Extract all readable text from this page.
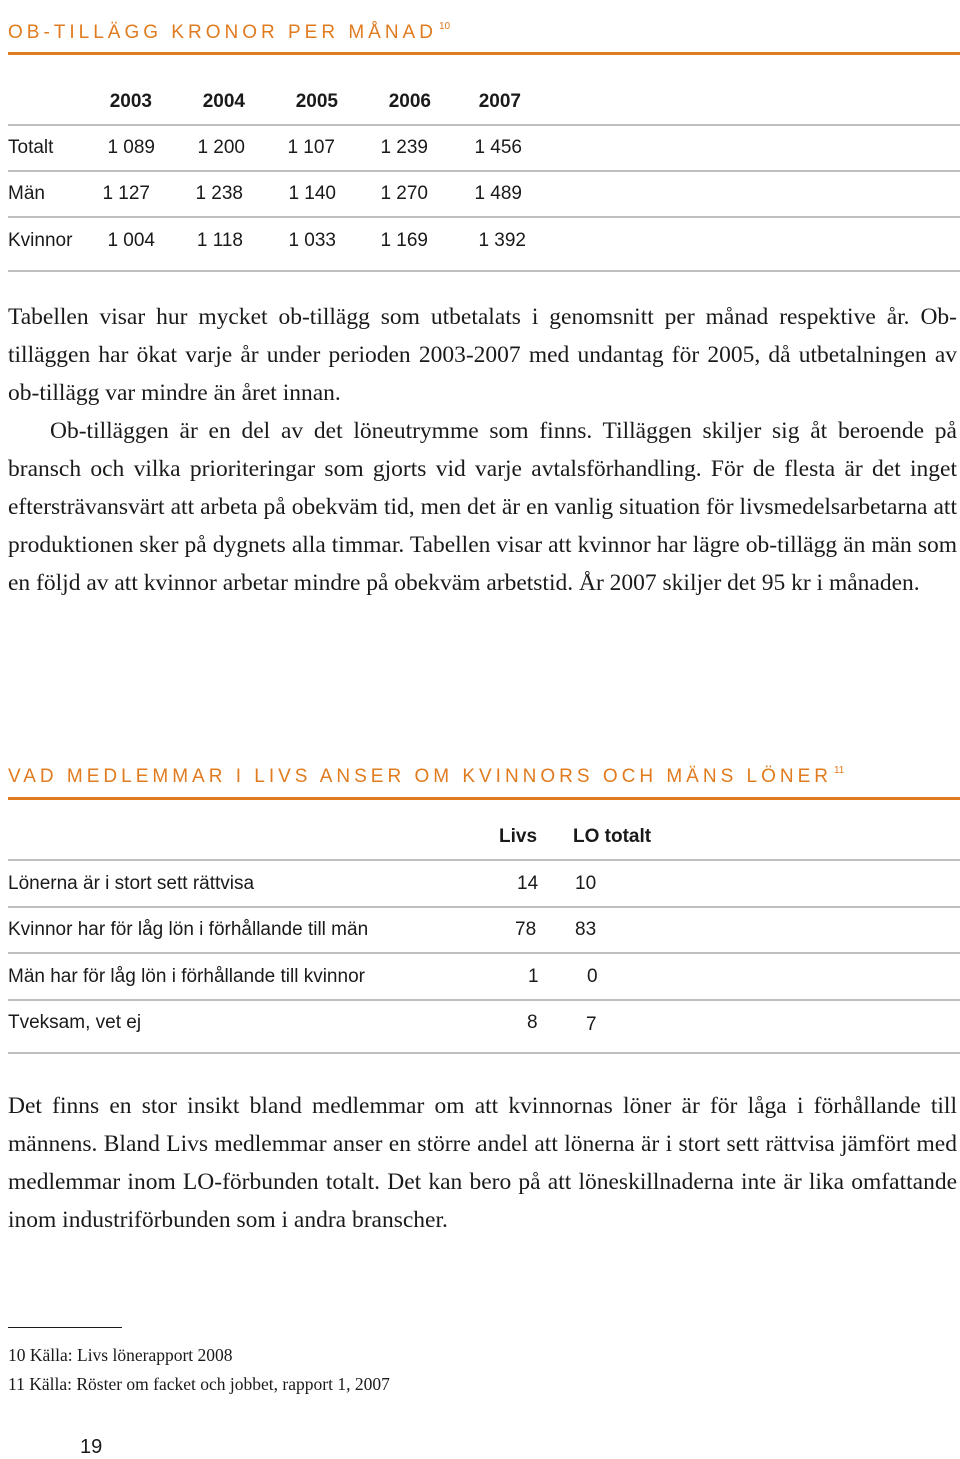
OB-TILLÄGG KRONOR PER MÅNAD $^{10}$
2003	2004	2005	2006	2007
Totalt	1 089	1 200	1 107	1 239	1 456
Män	1 127	1 238	1 140	1 270	1 489
Kvinnor	1 004	1 118	1 033	1 169	1 392

Tabellen visar hur mycket ob-tillägg som utbetalats i genomsnitt per månad respektive år. Ob-tilläggen har ökat varje år under perioden 2003-2007 med undantag för 2005, då utbetalningen av ob-tillägg var mindre än året innan.

Ob-tilläggen är en del av det löneutrymme som finns. Tilläggen skiljer sig åt beroende på bransch och vilka prioriteringar som gjorts vid varje avtalsförhandling. För de flesta är det inget eftersträvansvärt att arbeta på obekväm tid, men det är en vanlig situation för livsmedelsarbetarna att produktionen sker på dygnets alla timmar. Tabellen visar att kvinnor har lägre ob-tillägg än män som en följd av att kvinnor arbetar mindre på obekväm arbetstid. År 2007 skiljer det 95 kr i månaden.

VAD MEDLEMMAR I LIVS ANSER OM KVINNORS OCH MÄNS LÖNER $^{11}$
Livs LO totalt
Lönerna är i stort sett rättvisa	14 10
Kvinnor har för låg lön i förhållande till män	78 83
Män har för låg lön i förhållande till kvinnor	1	0
Tveksam, vet ej	8	7

Det finns en stor insikt bland medlemmar om att kvinnornas löner är för låga i förhållande till männens. Bland Livs medlemmar anser en större andel att lönerna är i stort sett rättvisa jämfört med medlemmar inom LO-förbunden totalt. Det kan bero på att löneskillnaderna inte är lika omfattande inom industriförbunden som i andra branscher.

10 Källa: Livs lönerapport 2008
11 Källa: Röster om facket och jobbet, rapport 1, 2007
19
